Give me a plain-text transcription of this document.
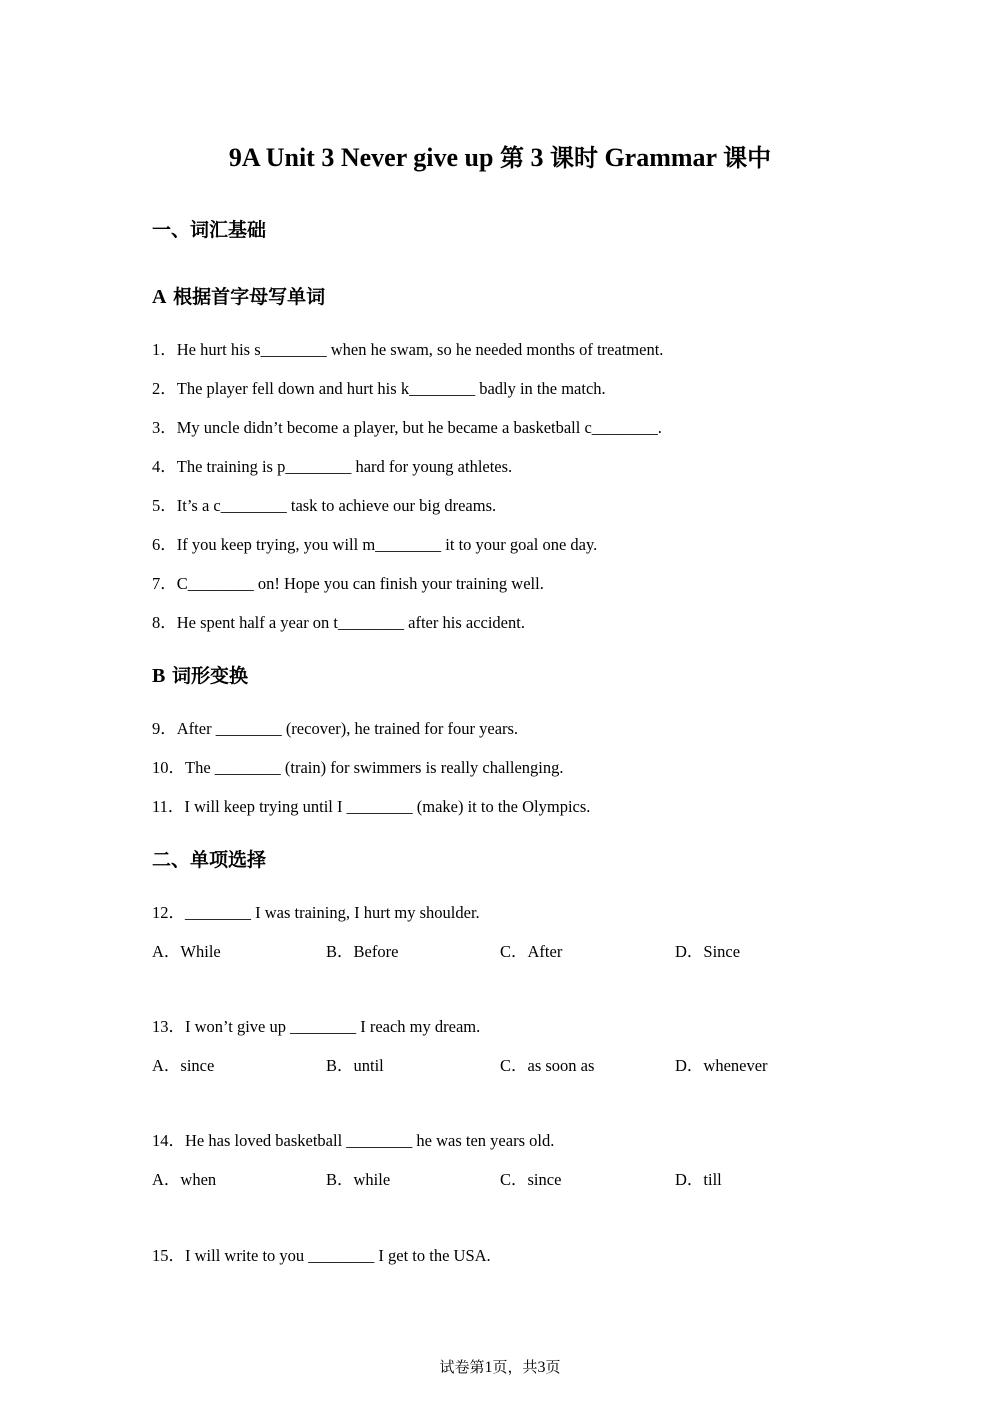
9A Unit 3 Never give up 第 3 课时 Grammar 课中
一、词汇基础
A 根据首字母写单词
1．He hurt his s________ when he swam, so he needed months of treatment.
2．The player fell down and hurt his k________ badly in the match.
3．My uncle didn’t become a player, but he became a basketball c________.
4．The training is p________ hard for young athletes.
5．It’s a c________ task to achieve our big dreams.
6．If you keep trying, you will m________ it to your goal one day.
7．C________ on! Hope you can finish your training well.
8．He spent half a year on t________ after his accident.
B 词形变换
9．After ________ (recover), he trained for four years.
10．The ________ (train) for swimmers is really challenging.
11．I will keep trying until I ________ (make) it to the Olympics.
二、单项选择
12．________ I was training, I hurt my shoulder.
A．While	B．Before	C．After	D．Since
13．I won’t give up ________ I reach my dream.
A．since	B．until	C．as soon as	D．whenever
14．He has loved basketball ________ he was ten years old.
A．when	B．while	C．since	D．till
15．I will write to you ________ I get to the USA.
试卷第1页，共3页
